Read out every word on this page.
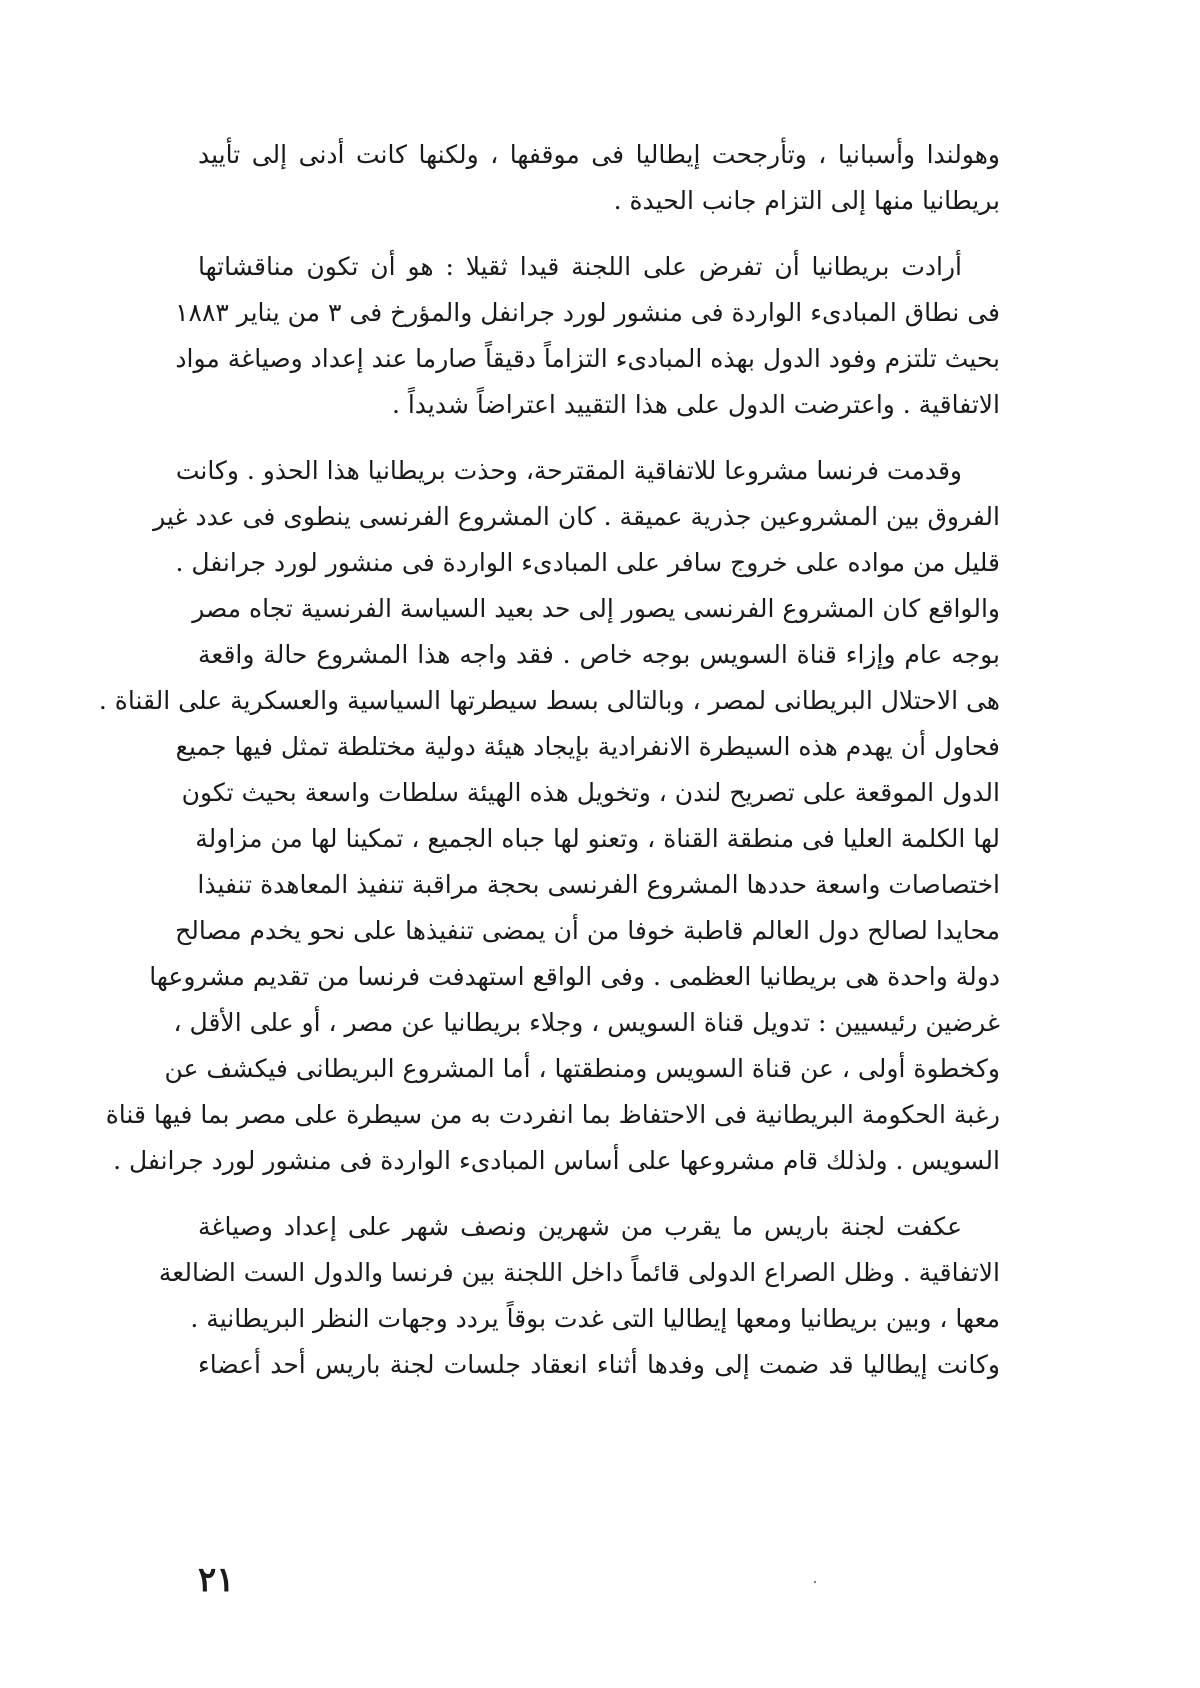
وهولندا وأسبانيا ، وتأرجحت إيطاليا فى موقفها ، ولكنها كانت أدنى إلى تأييد
بريطانيا منها إلى التزام جانب الحيدة .
أرادت بريطانيا أن تفرض على اللجنة قيدا ثقيلا : هو أن تكون مناقشاتها
فى نطاق المبادىء الواردة فى منشور لورد جرانفل والمؤرخ فى ٣ من يناير ١٨٨٣
بحيث تلتزم وفود الدول بهذه المبادىء التزاماً دقيقاً صارما عند إعداد وصياغة مواد
الاتفاقية . واعترضت الدول على هذا التقييد اعتراضاً شديداً .
وقدمت فرنسا مشروعا للاتفاقية المقترحة، وحذت بريطانيا هذا الحذو . وكانت
الفروق بين المشروعين جذرية عميقة . كان المشروع الفرنسى ينطوى فى عدد غير
قليل من مواده على خروج سافر على المبادىء الواردة فى منشور لورد جرانفل .
والواقع كان المشروع الفرنسى يصور إلى حد بعيد السياسة الفرنسية تجاه مصر
بوجه عام وإزاء قناة السويس بوجه خاص . فقد واجه هذا المشروع حالة واقعة
هى الاحتلال البريطانى لمصر ، وبالتالى بسط سيطرتها السياسية والعسكرية على القناة .
فحاول أن يهدم هذه السيطرة الانفرادية بإيجاد هيئة دولية مختلطة تمثل فيها جميع
الدول الموقعة على تصريح لندن ، وتخويل هذه الهيئة سلطات واسعة بحيث تكون
لها الكلمة العليا فى منطقة القناة ، وتعنو لها جباه الجميع ، تمكينا لها من مزاولة
اختصاصات واسعة حددها المشروع الفرنسى بحجة مراقبة تنفيذ المعاهدة تنفيذا
محايدا لصالح دول العالم قاطبة خوفا من أن يمضى تنفيذها على نحو يخدم مصالح
دولة واحدة هى بريطانيا العظمى . وفى الواقع استهدفت فرنسا من تقديم مشروعها
غرضين رئيسيين : تدويل قناة السويس ، وجلاء بريطانيا عن مصر ، أو على الأقل ،
وكخطوة أولى ، عن قناة السويس ومنطقتها ، أما المشروع البريطانى فيكشف عن
رغبة الحكومة البريطانية فى الاحتفاظ بما انفردت به من سيطرة على مصر بما فيها قناة
السويس . ولذلك قام مشروعها على أساس المبادىء الواردة فى منشور لورد جرانفل .
عكفت لجنة باريس ما يقرب من شهرين ونصف شهر على إعداد وصياغة
الاتفاقية . وظل الصراع الدولى قائماً داخل اللجنة بين فرنسا والدول الست الضالعة
معها ، وبين بريطانيا ومعها إيطاليا التى غدت بوقاً يردد وجهات النظر البريطانية .
وكانت إيطاليا قد ضمت إلى وفدها أثناء انعقاد جلسات لجنة باريس أحد أعضاء
٢١
